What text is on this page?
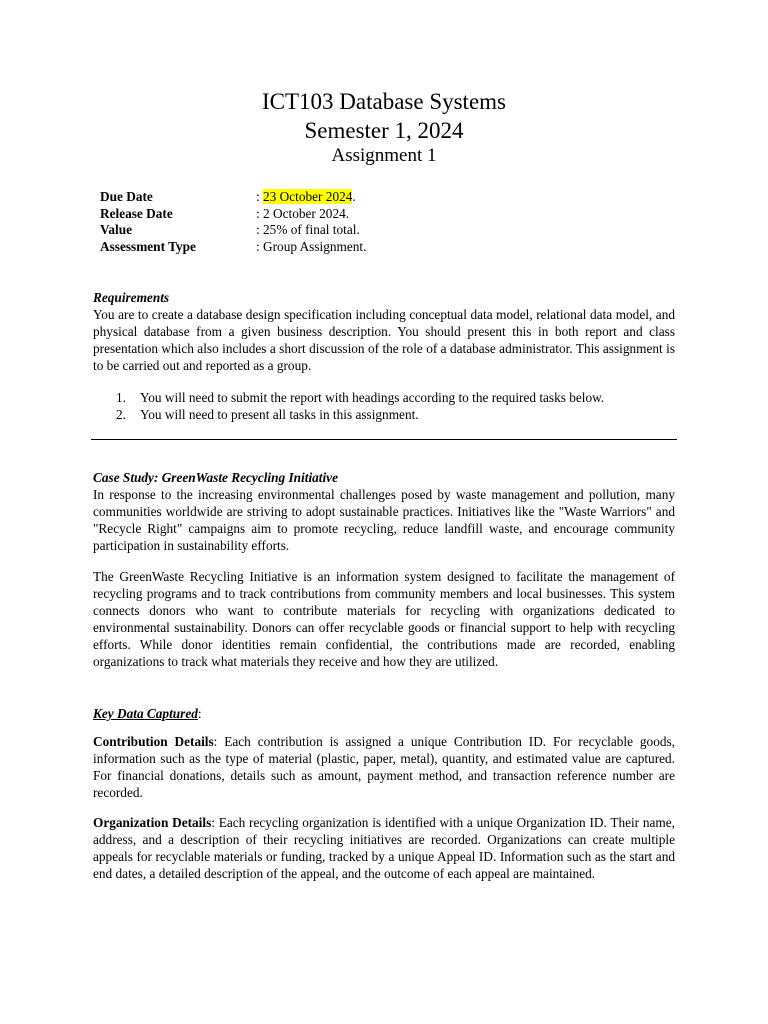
ICT103 Database Systems
Semester 1, 2024
Assignment 1
Due Date	: 23 October 2024.
Release Date	: 2 October 2024.
Value	: 25% of final total.
Assessment Type	: Group Assignment.

Requirements

You are to create a database design specification including conceptual data model, relational data model, and physical database from a given business description. You should present this in both report and class presentation which also includes a short discussion of the role of a database administrator. This assignment is to be carried out and reported as a group.

1.	You will need to submit the report with headings according to the required tasks below.
2.	You will need to present all tasks in this assignment.

Case Study: GreenWaste Recycling Initiative

In response to the increasing environmental challenges posed by waste management and pollution, many communities worldwide are striving to adopt sustainable practices. Initiatives like the "Waste Warriors" and "Recycle Right" campaigns aim to promote recycling, reduce landfill waste, and encourage community participation in sustainability efforts.

The GreenWaste Recycling Initiative is an information system designed to facilitate the management of recycling programs and to track contributions from community members and local businesses. This system connects donors who want to contribute materials for recycling with organizations dedicated to environmental sustainability. Donors can offer recyclable goods or financial support to help with recycling efforts. While donor identities remain confidential, the contributions made are recorded, enabling organizations to track what materials they receive and how they are utilized.

Key Data Captured:

Contribution Details: Each contribution is assigned a unique Contribution ID. For recyclable goods, information such as the type of material (plastic, paper, metal), quantity, and estimated value are captured. For financial donations, details such as amount, payment method, and transaction reference number are recorded.

Organization Details: Each recycling organization is identified with a unique Organization ID. Their name, address, and a description of their recycling initiatives are recorded. Organizations can create multiple appeals for recyclable materials or funding, tracked by a unique Appeal ID. Information such as the start and end dates, a detailed description of the appeal, and the outcome of each appeal are maintained.
